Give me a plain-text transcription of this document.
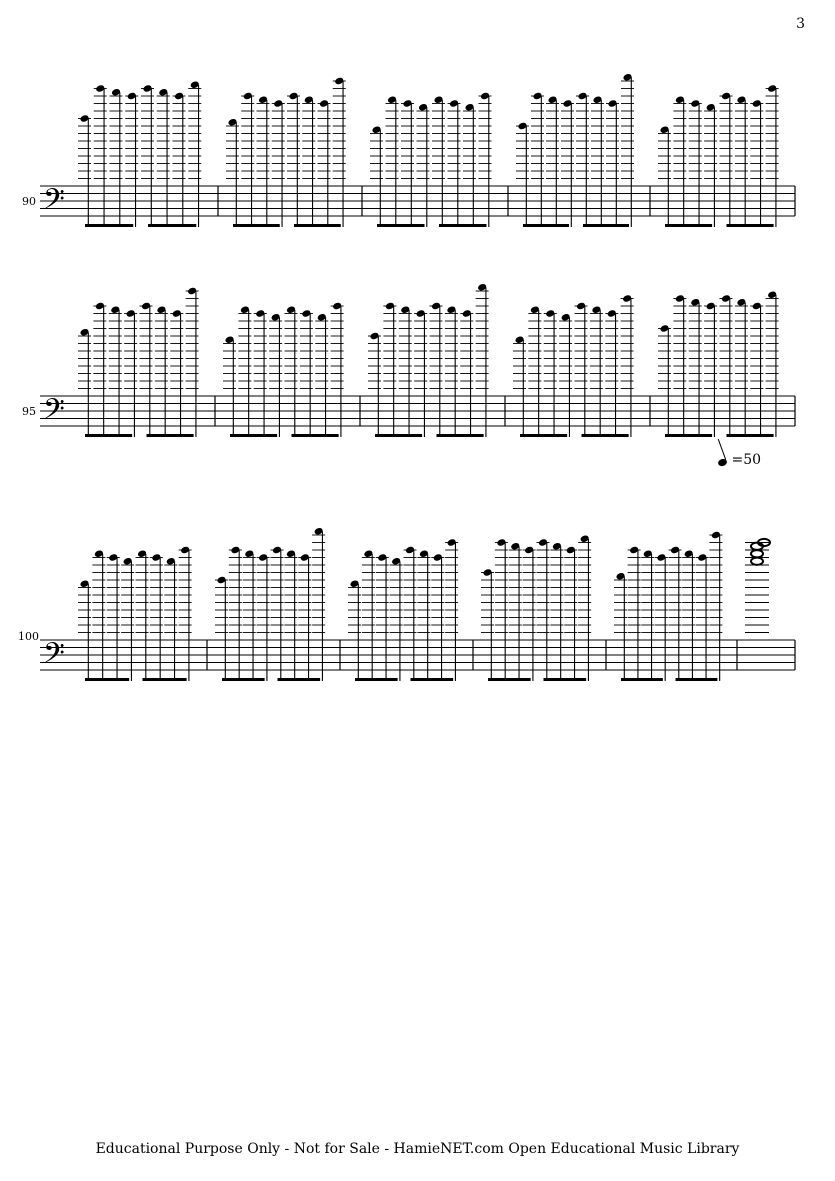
3
90
95
100
=50
𝄢
𝄢
𝄢
Educational Purpose Only - Not for Sale - HamieNET.com Open Educational Music Library
